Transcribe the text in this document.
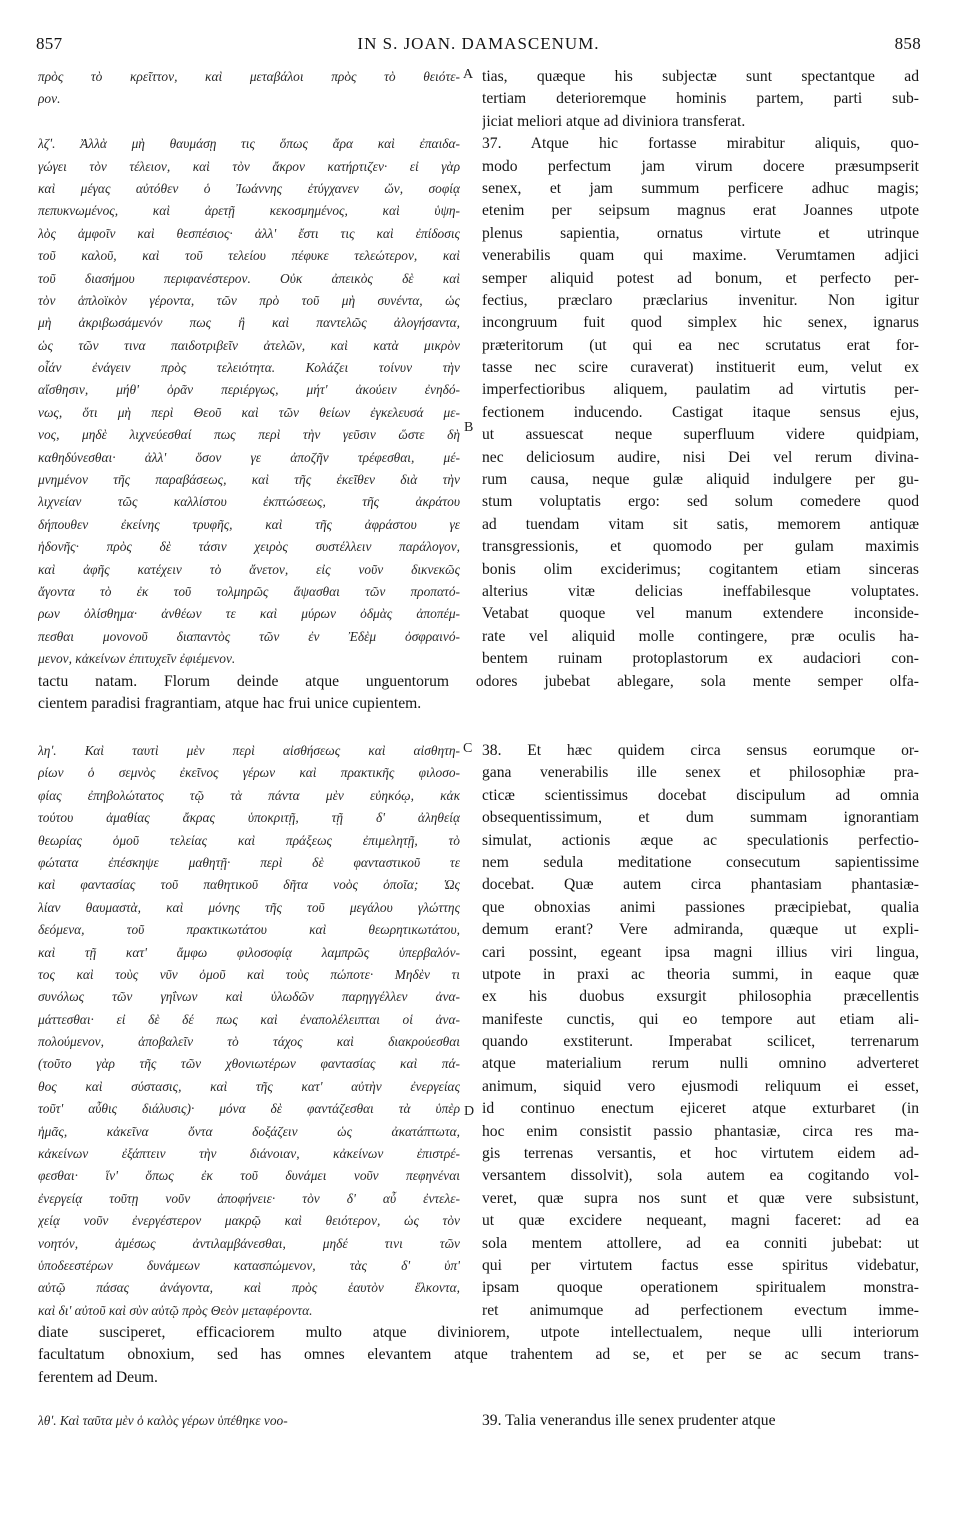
857	IN S. JOAN. DAMASCENUM.	858
πρὸς τὸ κρεῖττον, καὶ μεταβάλοι πρὸς τὸ θειότε-
ρον.
λζʹ. Ἀλλὰ μὴ θαυμάσῃ τις ὅπως ἄρα καὶ ἐπαιδα-
γώγει τὸν τέλειον, καὶ τὸν ἄκρον κατήρτιζεν· εἰ γὰρ
καὶ μέγας αὐτόθεν ὁ Ἰωάννης ἐτύγχανεν ὤν, σοφίᾳ
πεπυκνωμένος, καὶ ἀρετῇ κεκοσμημένος, καὶ ὑψη-
λὸς ἀμφοῖν καὶ θεσπέσιος· ἀλλ' ἔστι τις καὶ ἐπίδοσις
τοῦ καλοῦ, καὶ τοῦ τελείου πέφυκε τελεώτερον, καὶ
τοῦ διασήμου περιφανέστερον. Οὐκ ἀπεικὸς δὲ καὶ
τὸν ἁπλοϊκὸν γέροντα, τῶν πρὸ τοῦ μὴ συνέντα, ὡς
μὴ ἀκριβωσάμενόν πως ἢ καὶ παντελῶς ἀλογήσαντα,
ὡς τῶν τινα παιδοτριβεῖν ἀτελῶν, καὶ κατὰ μικρὸν
οἷάν ἐνάγειν πρὸς τελειότητα. Κολάζει τοίνυν τὴν
αἴσθησιν, μήθ' ὁρᾶν περιέργως, μήτ' ἀκούειν ἐνηδό-
νως, ὅτι μὴ περὶ Θεοῦ καὶ τῶν θείων ἐγκελευσά με-
νος, μηδὲ λιχνεύεσθαί πως περὶ τὴν γεῦσιν ὥστε δὴ
καθηδύνεσθαι· ἀλλ' ὅσον γε ἀποζῆν τρέφεσθαι, μέ-
μνημένον τῆς παραβάσεως, καὶ τῆς ἐκεῖθεν διὰ τὴν
λιχνείαν τῶς καλλίστου ἐκπτώσεως, τῆς ἀκράτου
δήπουθεν ἐκείνης τρυφῆς, καὶ τῆς ἀφράστου γε
ἡδονῆς· πρὸς δὲ τάσιν χειρὸς συστέλλειν παράλογον,
καὶ ἀφῆς κατέχειν τὸ ἄνετον, εἰς νοῦν δικνεκῶς
ἄγοντα τὸ ἐκ τοῦ τολμηρῶς ἅψασθαι τῶν προπατό-
ρων ὀλίσθημα· ἀνθέων τε καὶ μύρων ὀδμὰς ἀποπέμ-
πεσθαι μονονοῦ διαπαντὸς τῶν ἐν Ἐδὲμ ὀσφραινό-
μενον, κἀκείνων ἐπιτυχεῖν ἐφιέμενον.
tias, quæque his subjectæ sunt spectantque ad
tertiam deterioremque hominis partem, parti sub-
jiciat meliori atque ad diviniora transferat.
37. Atque hic fortasse mirabitur aliquis, quo-
modo perfectum jam virum docere præsumpserit
senex, et jam summum perficere adhuc magis;
etenim per seipsum magnus erat Joannes utpote
plenus sapientia, ornatus virtute et utrinque
venerabilis quam qui maxime. Verumtamen adjici
semper aliquid potest ad bonum, et perfecto per-
fectius, præclaro præclarius invenitur. Non igitur
incongruum fuit quod simplex hic senex, ignarus
præteritorum (ut qui ea nec scrutatus erat for-
tasse nec scire curaverat) instituerit eum, velut ex
imperfectioribus aliquem, paulatim ad virtutis per-
fectionem inducendo. Castigat itaque sensus ejus,
ut assuescat neque superfluum videre quidpiam,
nec deliciosum audire, nisi Dei vel rerum divina-
rum causa, neque gulæ aliquid indulgere per gu-
stum voluptatis ergo: sed solum comedere quod
ad tuendam vitam sit satis, memorem antiquæ
transgressionis, et quomodo per gulam maximis
bonis olim exciderimus; cogitantem etiam sinceras
alterius vitæ delicias ineffabilesque voluptates.
Vetabat quoque vel manum extendere inconside-
rate vel aliquid molle contingere, præ oculis ha-
bentem ruinam protoplastorum ex audaciori con-
tactu natam. Florum deinde atque unguentorum odores jubebat ablegare, sola mente semper olfa-
cientem paradisi fragrantiam, atque hac frui unice cupientem.
ληʹ. Καὶ ταυτὶ μὲν περὶ αἰσθήσεως καὶ αἰσθητη-
ρίων ὁ σεμνὸς ἐκεῖνος γέρων καὶ πρακτικῆς φιλοσο-
φίας ἐπηβολώτατος τῷ τὰ πάντα μὲν εὐηκόῳ, κἀκ
τούτου ἀμαθίας ἄκρας ὑποκριτῇ, τῇ δ' ἀληθείᾳ
θεωρίας ὁμοῦ τελείας καὶ πράξεως ἐπιμελητῇ, τὸ
φώτατα ἐπέσκηψε μαθητῇ· περὶ δὲ φανταστικοῦ τε
καὶ φαντασίας τοῦ παθητικοῦ δῆτα νοὸς ὁποῖα; Ὡς
λίαν θαυμαστὰ, καὶ μόνης τῆς τοῦ μεγάλου γλώττης
δεόμενα, τοῦ πρακτικωτάτου καὶ θεωρητικωτάτου,
καὶ τῇ κατ' ἄμφω φιλοσοφίᾳ λαμπρῶς ὑπερβαλόν-
τος καὶ τοὺς νῦν ὁμοῦ καὶ τοὺς πώποτε· Μηδὲν τι
συνόλως τῶν γηΐνων καὶ ὑλωδῶν παρηγγέλλεν ἀνα-
μάττεσθαι· εἰ δὲ δέ πως καὶ ἐναπολέλειπται οἱ ἀνα-
πολούμενον, ἀποβαλεῖν τὸ τάχος καὶ διακρούεσθαι
(τοῦτο γὰρ τῆς τῶν χθονιωτέρων φαντασίας καὶ πά-
θος καὶ σύστασις, καὶ τῆς κατ' αὐτὴν ἐνεργείας
τοῦτ' αὖθις διάλυσις)· μόνα δὲ φαντάζεσθαι τὰ ὑπὲρ
ἡμᾶς, κἀκεῖνα ὄντα δοξάζειν ὡς ἀκατάπτωτα,
κἀκείνων ἐξάπτειν τὴν διάνοιαν, κἀκείνων ἐπιστρέ-
φεσθαι· ἵν' ὅπως ἐκ τοῦ δυνάμει νοῦν πεφηνέναι
ἐνεργείᾳ τοῦτῃ νοῦν ἀποφήνειε· τὸν δ' αὖ ἐντελε-
χείᾳ νοῦν ἐνεργέστερον μακρῷ καὶ θειότερον, ὡς τὸν
νοητόν, ἀμέσως ἀντιλαμβάνεσθαι, μηδέ τινι τῶν
ὑποδεεστέρων δυνάμεων κατασπώμενον, τὰς δ' ὑπ'
αὐτῷ πάσας ἀνάγοντα, καὶ πρὸς ἑαυτὸν ἕλκοντα,
καὶ δι' αὐτοῦ καὶ σὺν αὐτῷ πρὸς Θεὸν μεταφέροντα.
38. Et hæc quidem circa sensus eorumque or-
gana venerabilis ille senex et philosophiæ pra-
cticæ scientissimus docebat discipulum ad omnia
obsequentissimum, et dum summam ignorantiam
simulat, actionis æque ac speculationis perfectio-
nem sedula meditatione consecutum sapientissime
docebat. Quæ autem circa phantasiam phantasiæ-
que obnoxias animi passiones præcipiebat, qualia
demum erant? Vere admiranda, quæque ut expli-
cari possint, egeant ipsa magni illius viri lingua,
utpote in praxi ac theoria summi, in eaque quæ
ex his duobus exsurgit philosophia præcellentis
manifeste cunctis, qui eo tempore aut etiam ali-
quando exstiterunt. Imperabat scilicet, terrenarum
atque materialium rerum nulli omnino adverteret
animum, siquid vero ejusmodi reliquum ei esset,
id continuo enectum ejiceret atque exturbaret (in
hoc enim consistit passio phantasiæ, circa res ma-
gis terrenas versantis, et hoc virtutem eidem ad-
versantem dissolvit), sola autem ea cogitando vol-
veret, quæ supra nos sunt et quæ vere subsistunt,
ut quæ excidere nequeant, magni faceret: ad ea
sola mentem attollere, ad ea conniti jubebat: ut
qui per virtutem factus esse spiritus videbatur,
ipsam quoque operationem spiritualem monstra-
ret animumque ad perfectionem evectum imme-
diate susciperet, efficaciorem multo atque diviniorem, utpote intellectualem, neque ulli interiorum
facultatum obnoxium, sed has omnes elevantem atque trahentem ad se, et per se ac secum trans-
ferentem ad Deum.
λθʹ. Καὶ ταῦτα μὲν ὁ καλὸς γέρων ὑπέθηκε νοο-	39. Talia venerandus ille senex prudenter atque
A
B
C
D
